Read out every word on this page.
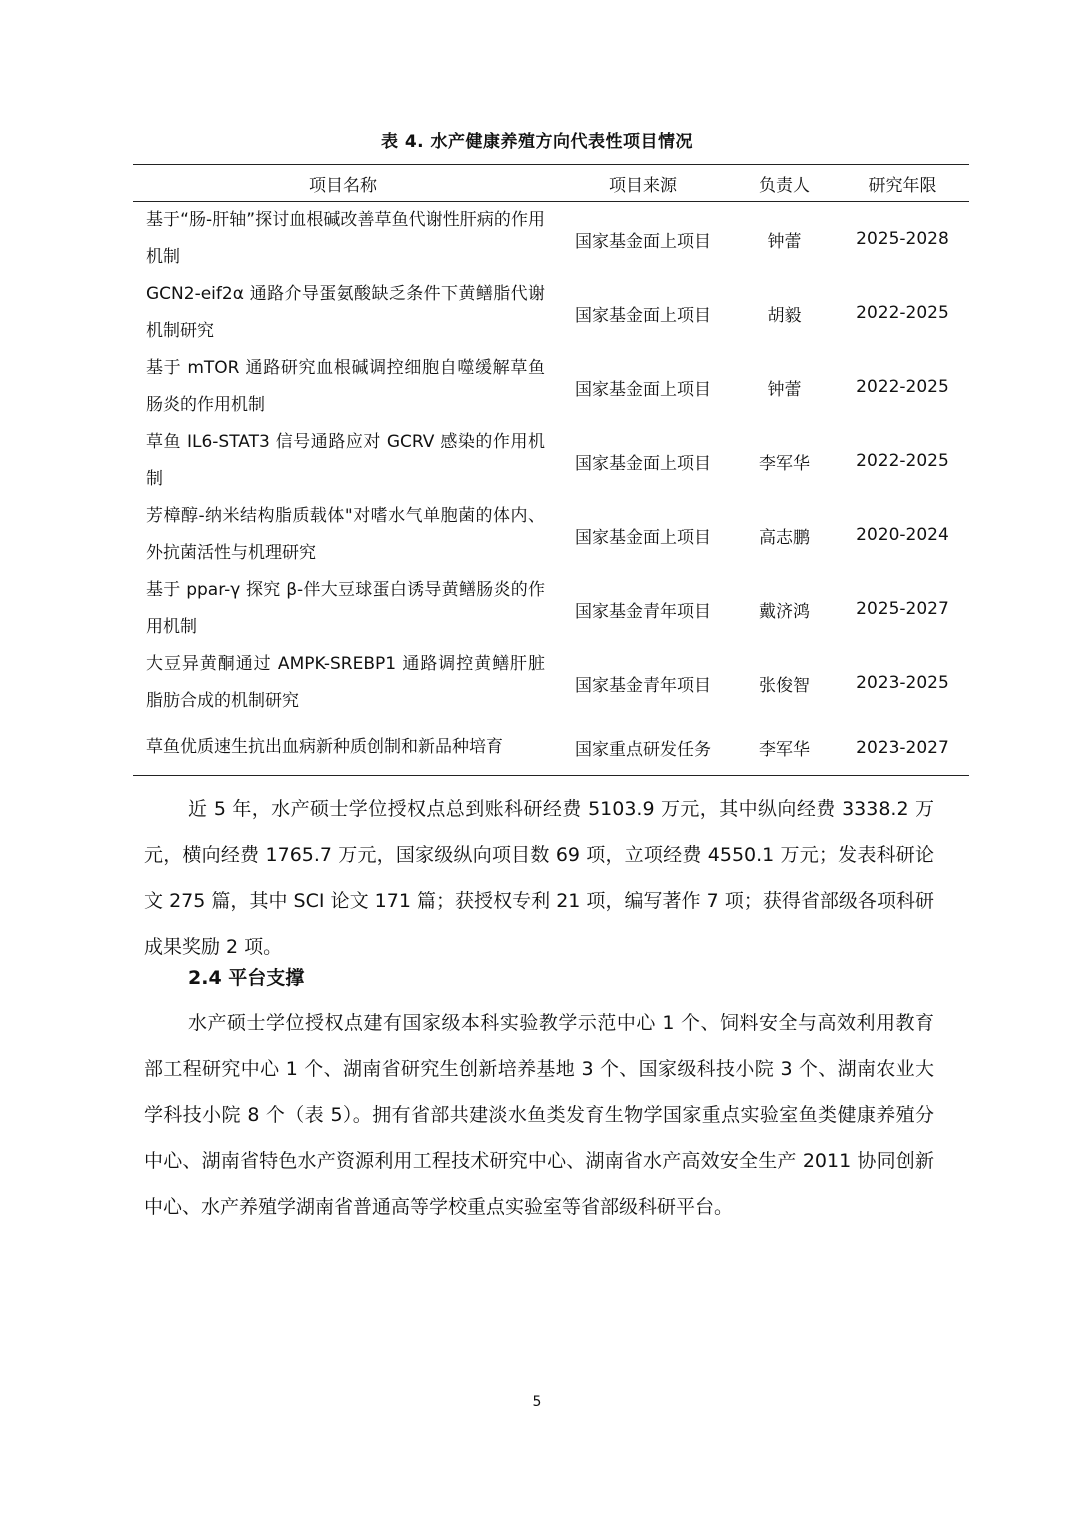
表 4. 水产健康养殖方向代表性项目情况
项目名称	项目来源	负责人	研究年限
基于“肠-肝轴”探讨血根碱改善草鱼代谢性肝病的作用机制	国家基金面上项目	钟蕾	2025-2028
GCN2-eif2α 通路介导蛋氨酸缺乏条件下黄鳝脂代谢机制研究	国家基金面上项目	胡毅	2022-2025
基于 mTOR 通路研究血根碱调控细胞自噬缓解草鱼肠炎的作用机制	国家基金面上项目	钟蕾	2022-2025
草鱼 IL6-STAT3 信号通路应对 GCRV 感染的作用机制	国家基金面上项目	李军华	2022-2025
芳樟醇-纳米结构脂质载体"对嗜水气单胞菌的体内、外抗菌活性与机理研究	国家基金面上项目	高志鹏	2020-2024
基于 ppar-γ 探究 β-伴大豆球蛋白诱导黄鳝肠炎的作用机制	国家基金青年项目	戴济鸿	2025-2027
大豆异黄酮通过 AMPK-SREBP1 通路调控黄鳝肝脏脂肪合成的机制研究	国家基金青年项目	张俊智	2023-2025
草鱼优质速生抗出血病新种质创制和新品种培育	国家重点研发任务	李军华	2023-2027

近 5 年，水产硕士学位授权点总到账科研经费 5103.9 万元，其中纵向经费 3338.2 万元，横向经费 1765.7 万元，国家级纵向项目数 69 项，立项经费 4550.1 万元；发表科研论文 275 篇，其中 SCI 论文 171 篇；获授权专利 21 项，编写著作 7 项；获得省部级各项科研成果奖励 2 项。

2.4 平台支撑

水产硕士学位授权点建有国家级本科实验教学示范中心 1 个、饲料安全与高效利用教育部工程研究中心 1 个、湖南省研究生创新培养基地 3 个、国家级科技小院 3 个、湖南农业大学科技小院 8 个（表 5）。拥有省部共建淡水鱼类发育生物学国家重点实验室鱼类健康养殖分中心、湖南省特色水产资源利用工程技术研究中心、湖南省水产高效安全生产 2011 协同创新中心、水产养殖学湖南省普通高等学校重点实验室等省部级科研平台。

5
